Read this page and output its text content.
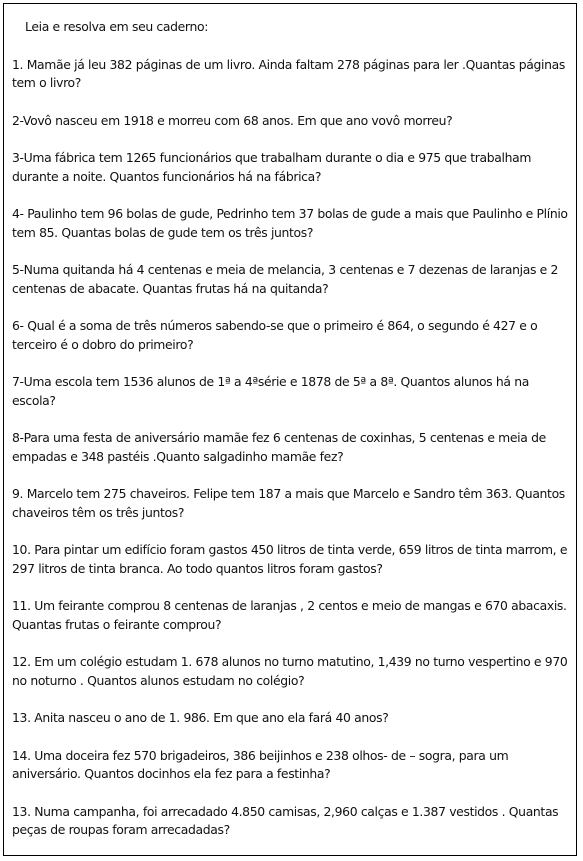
Leia e resolva em seu caderno:
1. Mamãe já leu 382 páginas de um livro. Ainda faltam 278 páginas para ler .Quantas páginas tem o livro?
2-Vovô nasceu em 1918 e morreu com 68 anos. Em que ano vovô morreu?
3-Uma fábrica tem 1265 funcionários que trabalham durante o dia e 975 que trabalham durante a noite. Quantos funcionários há na fábrica?
4- Paulinho tem 96 bolas de gude, Pedrinho tem 37 bolas de gude a mais que Paulinho e Plínio tem 85. Quantas bolas de gude tem os três juntos?
5-Numa quitanda há 4 centenas e meia de melancia, 3 centenas e 7 dezenas de laranjas e 2 centenas de abacate. Quantas frutas há na quitanda?
6- Qual é a soma de três números sabendo-se que o primeiro é 864, o segundo é 427 e o terceiro é o dobro do primeiro?
7-Uma escola tem 1536 alunos de 1ª a 4ªsérie e 1878 de 5ª a 8ª. Quantos alunos há na escola?
8-Para uma festa de aniversário mamãe fez 6 centenas de coxinhas, 5 centenas e meia de empadas e 348 pastéis .Quanto salgadinho mamãe fez?
9. Marcelo tem 275 chaveiros. Felipe tem 187 a mais que Marcelo e Sandro têm 363. Quantos chaveiros têm os três juntos?
10. Para pintar um edifício foram gastos 450 litros de tinta verde, 659 litros de tinta marrom, e 297 litros de tinta branca. Ao todo quantos litros foram gastos?
11. Um feirante comprou 8 centenas de laranjas , 2 centos e meio de mangas e 670 abacaxis. Quantas frutas o feirante comprou?
12. Em um colégio estudam 1. 678 alunos no turno matutino, 1,439 no turno vespertino e 970 no noturno . Quantos alunos estudam no colégio?
13. Anita nasceu o ano de 1. 986. Em que ano ela fará 40 anos?
14. Uma doceira fez 570 brigadeiros, 386 beijinhos e 238 olhos- de – sogra, para um aniversário. Quantos docinhos ela fez para a festinha?
13. Numa campanha, foi arrecadado 4.850 camisas, 2,960 calças e 1.387 vestidos . Quantas peças de roupas foram arrecadadas?
